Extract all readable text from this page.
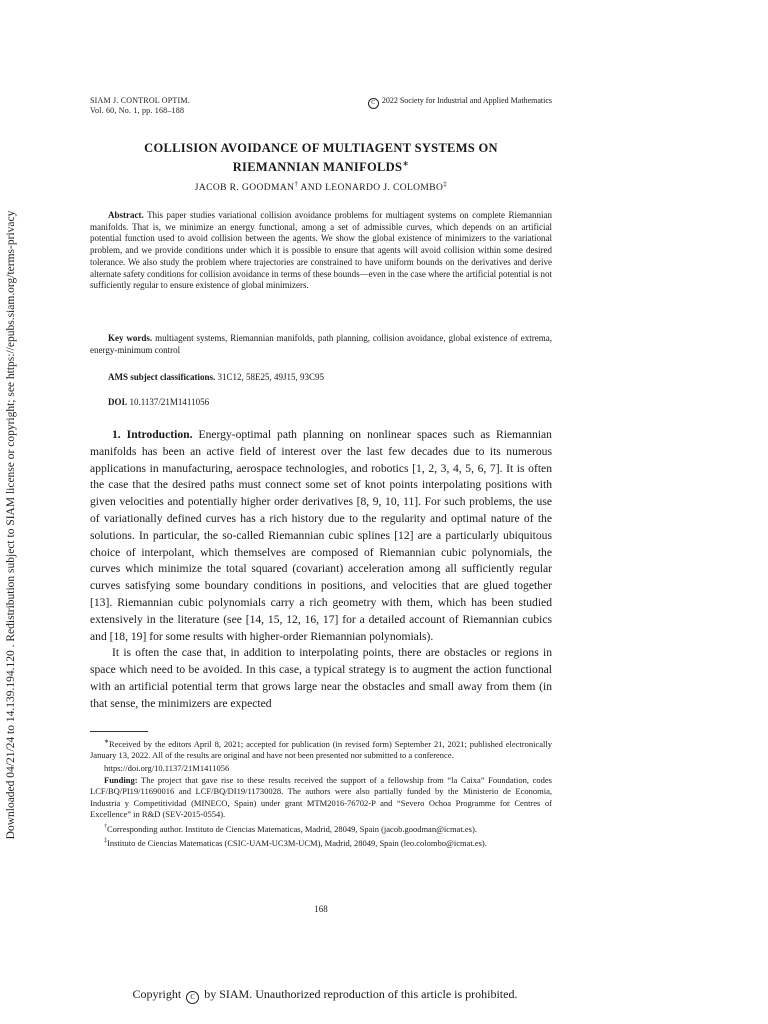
Downloaded 04/21/24 to 14.139.194.120 . Redistribution subject to SIAM license or copyright; see https://epubs.siam.org/terms-privacy
SIAM J. CONTROL OPTIM.
Vol. 60, No. 1, pp. 168–188
C 2022 Society for Industrial and Applied Mathematics
COLLISION AVOIDANCE OF MULTIAGENT SYSTEMS ON
RIEMANNIAN MANIFOLDS∗
JACOB R. GOODMAN† AND LEONARDO J. COLOMBO‡
Abstract. This paper studies variational collision avoidance problems for multiagent systems on complete Riemannian manifolds. That is, we minimize an energy functional, among a set of admissible curves, which depends on an artificial potential function used to avoid collision between the agents. We show the global existence of minimizers to the variational problem, and we provide conditions under which it is possible to ensure that agents will avoid collision within some desired tolerance. We also study the problem where trajectories are constrained to have uniform bounds on the derivatives and derive alternate safety conditions for collision avoidance in terms of these bounds—even in the case where the artificial potential is not sufficiently regular to ensure existence of global minimizers.
Key words. multiagent systems, Riemannian manifolds, path planning, collision avoidance, global existence of extrema, energy-minimum control
AMS subject classifications. 31C12, 58E25, 49J15, 93C95
DOI. 10.1137/21M1411056

1. Introduction. Energy-optimal path planning on nonlinear spaces such as Riemannian manifolds has been an active field of interest over the last few decades due to its numerous applications in manufacturing, aerospace technologies, and robotics [1, 2, 3, 4, 5, 6, 7]. It is often the case that the desired paths must connect some set of knot points interpolating positions with given velocities and potentially higher order derivatives [8, 9, 10, 11]. For such problems, the use of variationally defined curves has a rich history due to the regularity and optimal nature of the solutions. In particular, the so-called Riemannian cubic splines [12] are a particularly ubiquitous choice of interpolant, which themselves are composed of Riemannian cubic polynomials, the curves which minimize the total squared (covariant) acceleration among all sufficiently regular curves satisfying some boundary conditions in positions, and velocities that are glued together [13]. Riemannian cubic polynomials carry a rich geometry with them, which has been studied extensively in the literature (see [14, 15, 12, 16, 17] for a detailed account of Riemannian cubics and [18, 19] for some results with higher-order Riemannian polynomials).

It is often the case that, in addition to interpolating points, there are obstacles or regions in space which need to be avoided. In this case, a typical strategy is to augment the action functional with an artificial potential term that grows large near the obstacles and small away from them (in that sense, the minimizers are expected

∗Received by the editors April 8, 2021; accepted for publication (in revised form) September 21, 2021; published electronically January 13, 2022. All of the results are original and have not been presented nor submitted to a conference.

https://doi.org/10.1137/21M1411056

Funding: The project that gave rise to these results received the support of a fellowship from “la Caixa” Foundation, codes LCF/BQ/PI19/11690016 and LCF/BQ/DI19/11730028. The authors were also partially funded by the Ministerio de Economia, Industria y Competitividad (MINECO, Spain) under grant MTM2016-76702-P and “Severo Ochoa Programme for Centres of Excellence” in R&D (SEV-2015-0554).

†Corresponding author. Instituto de Ciencias Matematicas, Madrid, 28049, Spain (jacob.goodman@icmat.es).

‡Instituto de Ciencias Matematicas (CSIC-UAM-UC3M-UCM), Madrid, 28049, Spain (leo.colombo@icmat.es).

168
Copyright C by SIAM. Unauthorized reproduction of this article is prohibited.
